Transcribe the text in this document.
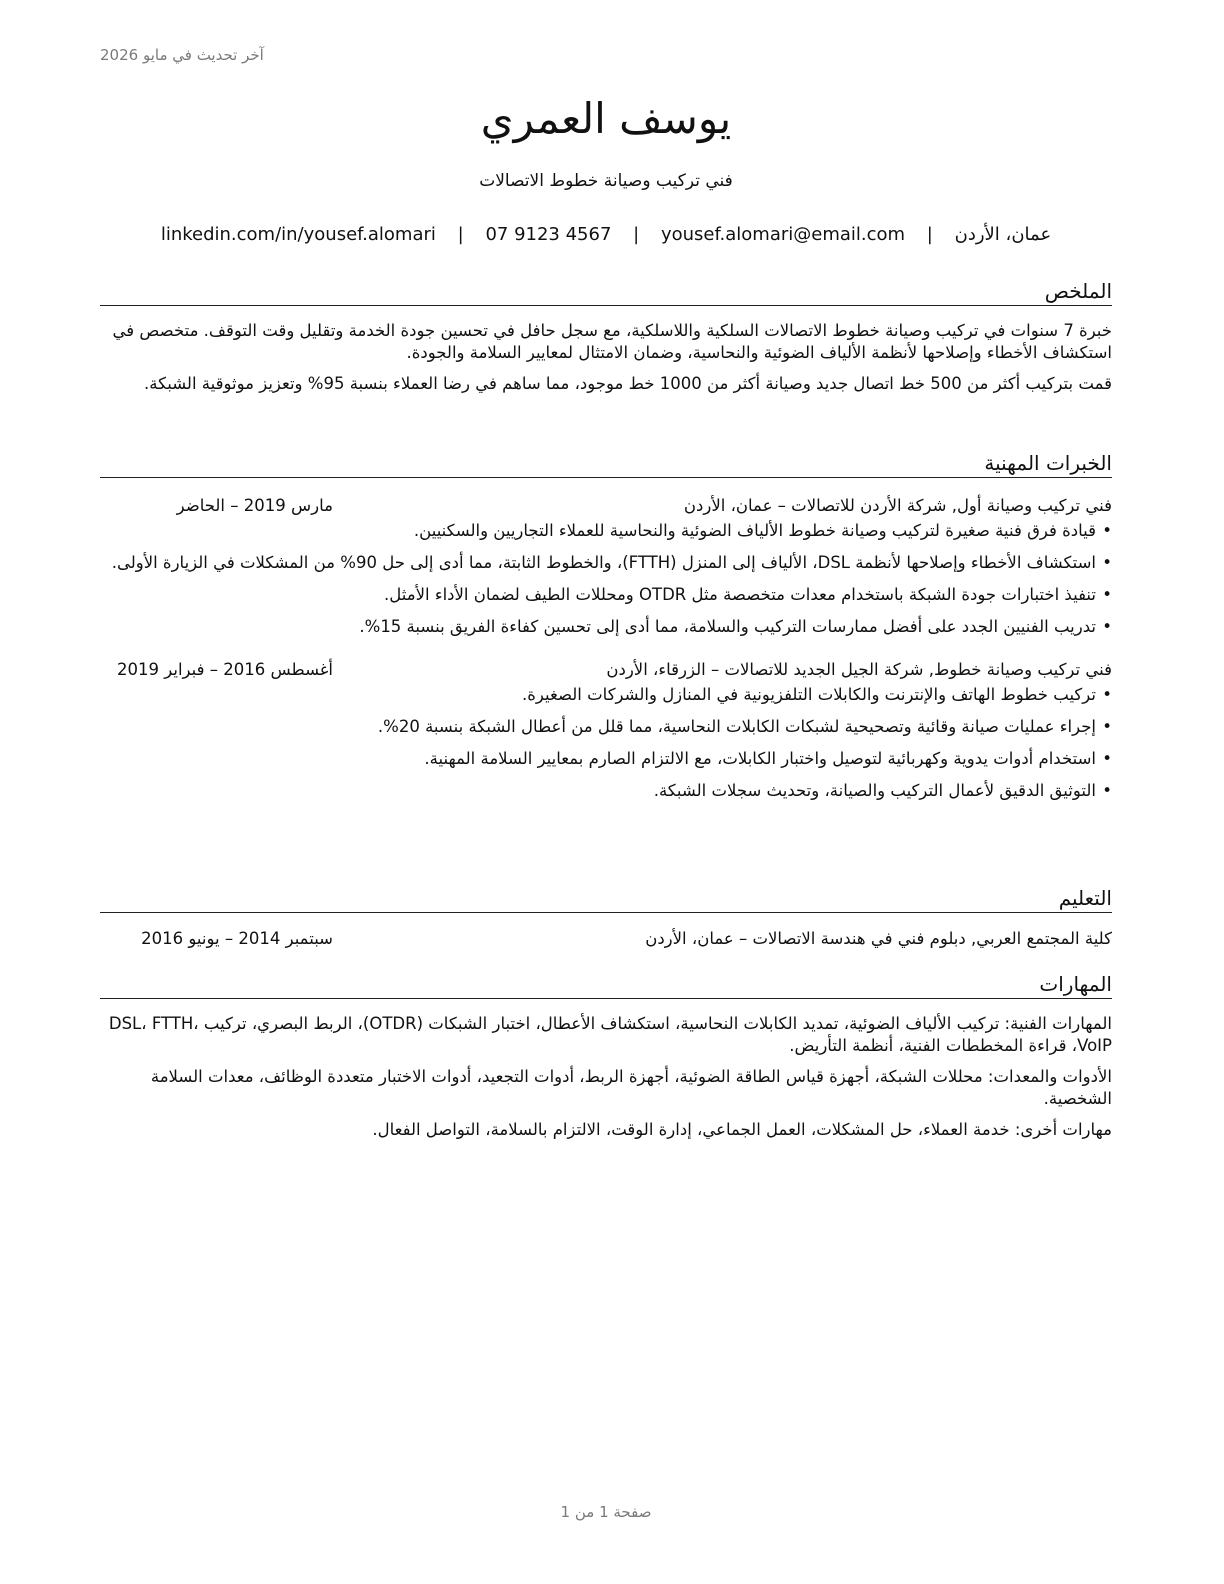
آخر تحديث في مايو 2026
يوسف العمري
فني تركيب وصيانة خطوط الاتصالات
عمان، الأردن | yousef.alomari@email.com | 07 9123 4567 | linkedin.com/in/yousef.alomari
الملخص

خبرة 7 سنوات في تركيب وصيانة خطوط الاتصالات السلكية واللاسلكية، مع سجل حافل في تحسين جودة الخدمة وتقليل وقت التوقف. متخصص في استكشاف الأخطاء وإصلاحها لأنظمة الألياف الضوئية والنحاسية، وضمان الامتثال لمعايير السلامة والجودة.

قمت بتركيب أكثر من 500 خط اتصال جديد وصيانة أكثر من 1000 خط موجود، مما ساهم في رضا العملاء بنسبة 95% وتعزيز موثوقية الشبكة.

الخبرات المهنية
فني تركيب وصيانة أول, شركة الأردن للاتصالات – عمان، الأردن
مارس 2019 – الحاضر
•
قيادة فرق فنية صغيرة لتركيب وصيانة خطوط الألياف الضوئية والنحاسية للعملاء التجاريين والسكنيين.
•
استكشاف الأخطاء وإصلاحها لأنظمة DSL، الألياف إلى المنزل (FTTH)، والخطوط الثابتة، مما أدى إلى حل 90% من المشكلات في الزيارة الأولى.
•
تنفيذ اختبارات جودة الشبكة باستخدام معدات متخصصة مثل OTDR ومحللات الطيف لضمان الأداء الأمثل.
•
تدريب الفنيين الجدد على أفضل ممارسات التركيب والسلامة، مما أدى إلى تحسين كفاءة الفريق بنسبة 15%.
فني تركيب وصيانة خطوط, شركة الجيل الجديد للاتصالات – الزرقاء، الأردن
أغسطس 2016 – فبراير 2019
•
تركيب خطوط الهاتف والإنترنت والكابلات التلفزيونية في المنازل والشركات الصغيرة.
•
إجراء عمليات صيانة وقائية وتصحيحية لشبكات الكابلات النحاسية، مما قلل من أعطال الشبكة بنسبة 20%.
•
استخدام أدوات يدوية وكهربائية لتوصيل واختبار الكابلات، مع الالتزام الصارم بمعايير السلامة المهنية.
•
التوثيق الدقيق لأعمال التركيب والصيانة، وتحديث سجلات الشبكة.
التعليم
كلية المجتمع العربي, دبلوم فني في هندسة الاتصالات – عمان، الأردن
سبتمبر 2014 – يونيو 2016
المهارات

المهارات الفنية: تركيب الألياف الضوئية، تمديد الكابلات النحاسية، استكشاف الأعطال، اختبار الشبكات (OTDR)، الربط البصري، تركيب DSL، FTTH، VoIP، قراءة المخططات الفنية، أنظمة التأريض.

الأدوات والمعدات: محللات الشبكة، أجهزة قياس الطاقة الضوئية، أجهزة الربط، أدوات التجعيد، أدوات الاختبار متعددة الوظائف، معدات السلامة الشخصية.

مهارات أخرى: خدمة العملاء، حل المشكلات، العمل الجماعي، إدارة الوقت، الالتزام بالسلامة، التواصل الفعال.

صفحة 1 من 1
